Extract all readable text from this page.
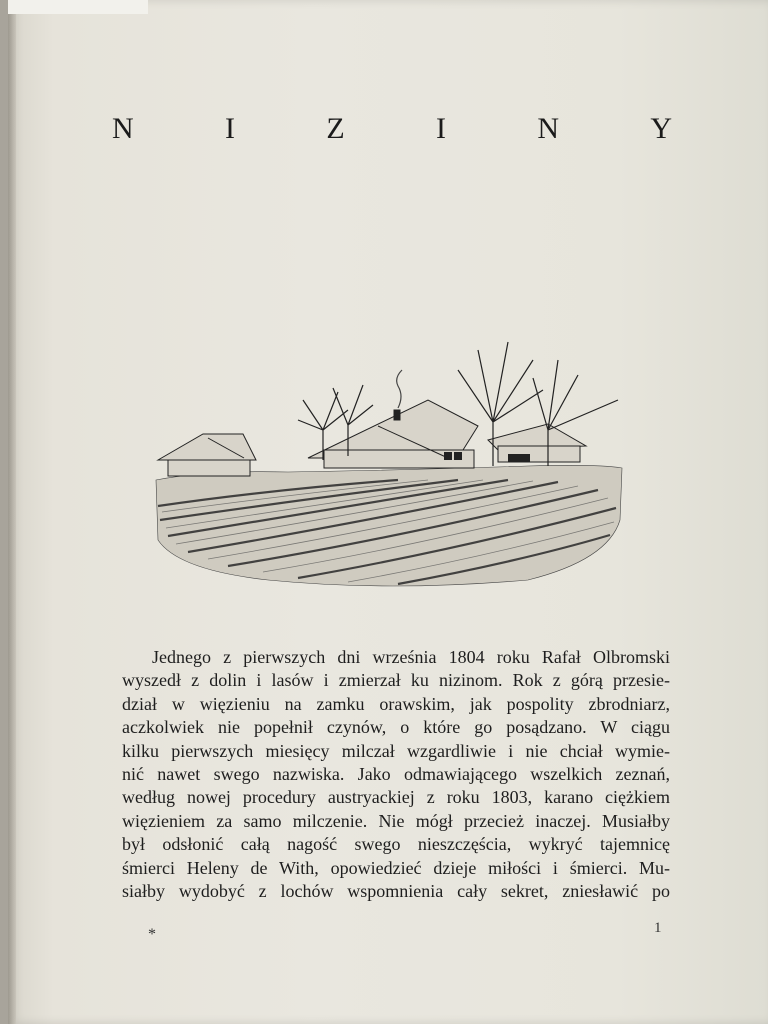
N	I	Z	I	N	Y
Jednego z pierwszych dni września 1804 roku Rafał Olbromski
wyszedł z dolin i lasów i zmierzał ku nizinom. Rok z górą przesie-
dział w więzieniu na zamku orawskim, jak pospolity zbrodniarz,
aczkolwiek nie popełnił czynów, o które go posądzano. W ciągu
kilku pierwszych miesięcy milczał wzgardliwie i nie chciał wymie-
nić nawet swego nazwiska. Jako odmawiającego wszelkich zeznań,
według nowej procedury austryackiej z roku 1803, karano ciężkiem
więzieniem za samo milczenie. Nie mógł przecież inaczej. Musiałby
był odsłonić całą nagość swego nieszczęścia, wykryć tajemnicę
śmierci Heleny de With, opowiedzieć dzieje miłości i śmierci. Mu-
siałby wydobyć z lochów wspomnienia cały sekret, zniesławić po
*	1
